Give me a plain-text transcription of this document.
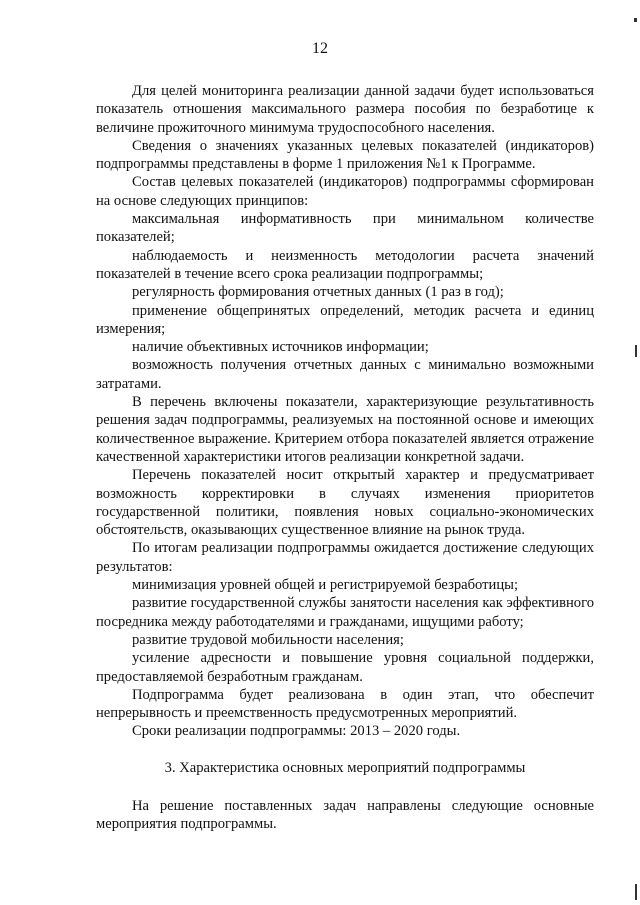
12

Для целей мониторинга реализации данной задачи будет использоваться показатель отношения максимального размера пособия по безработице к величине прожиточного минимума трудоспособного населения.

Сведения о значениях указанных целевых показателей (индикаторов) подпрограммы представлены в форме 1 приложения №1 к Программе.

Состав целевых показателей (индикаторов) подпрограммы сформирован на основе следующих принципов:

максимальная информативность при минимальном количестве показателей;

наблюдаемость и неизменность методологии расчета значений показателей в течение всего срока реализации подпрограммы;

регулярность формирования отчетных данных (1 раз в год);

применение общепринятых определений, методик расчета и единиц измерения;

наличие объективных источников информации;

возможность получения отчетных данных с минимально возможными затратами.

В перечень включены показатели, характеризующие результативность решения задач подпрограммы, реализуемых на постоянной основе и имеющих количественное выражение. Критерием отбора показателей является отражение качественной характеристики итогов реализации конкретной задачи.

Перечень показателей носит открытый характер и предусматривает возможность корректировки в случаях изменения приоритетов государственной политики, появления новых социально-экономических обстоятельств, оказывающих существенное влияние на рынок труда.

По итогам реализации подпрограммы ожидается достижение следующих результатов:

минимизация уровней общей и регистрируемой безработицы;

развитие государственной службы занятости населения как эффективного посредника между работодателями и гражданами, ищущими работу;

развитие трудовой мобильности населения;

усиление адресности и повышение уровня социальной поддержки, предоставляемой безработным гражданам.

Подпрограмма будет реализована в один этап, что обеспечит непрерывность и преемственность предусмотренных мероприятий.

Сроки реализации подпрограммы: 2013 – 2020 годы.

3. Характеристика основных мероприятий подпрограммы

На решение поставленных задач направлены следующие основные мероприятия подпрограммы.
